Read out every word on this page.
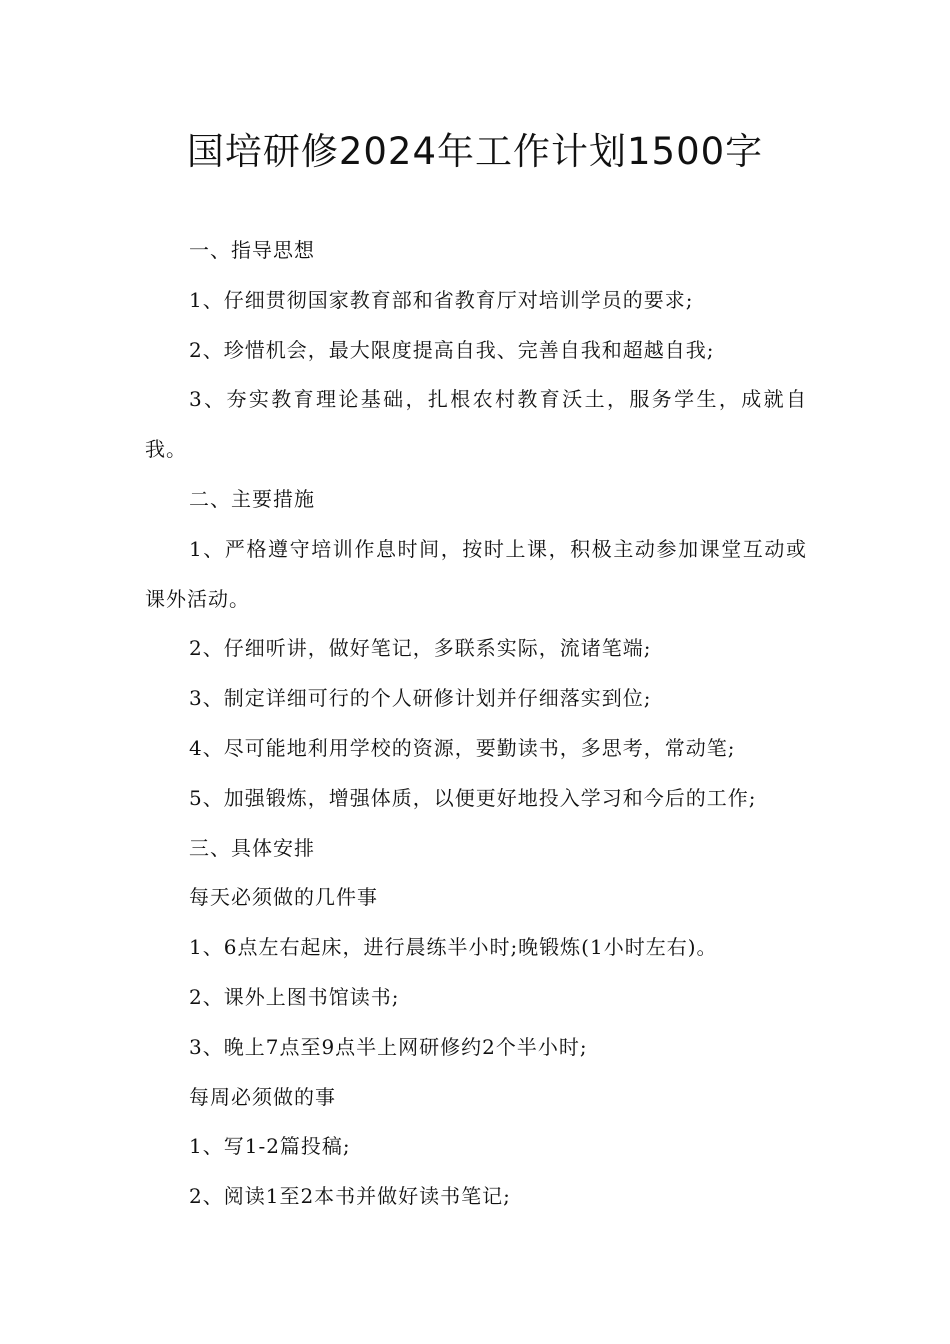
国培研修2024年工作计划1500字

一、指导思想

1、仔细贯彻国家教育部和省教育厅对培训学员的要求;

2、珍惜机会，最大限度提高自我、完善自我和超越自我;

3、夯实教育理论基础，扎根农村教育沃土，服务学生，成就自我。

二、主要措施

1、严格遵守培训作息时间，按时上课，积极主动参加课堂互动或课外活动。

2、仔细听讲，做好笔记，多联系实际，流诸笔端;

3、制定详细可行的个人研修计划并仔细落实到位;

4、尽可能地利用学校的资源，要勤读书，多思考，常动笔;

5、加强锻炼，增强体质，以便更好地投入学习和今后的工作;

三、具体安排

每天必须做的几件事

1、6点左右起床，进行晨练半小时;晚锻炼(1小时左右)。

2、课外上图书馆读书;

3、晚上7点至9点半上网研修约2个半小时;

每周必须做的事

1、写1-2篇投稿;

2、阅读1至2本书并做好读书笔记;
